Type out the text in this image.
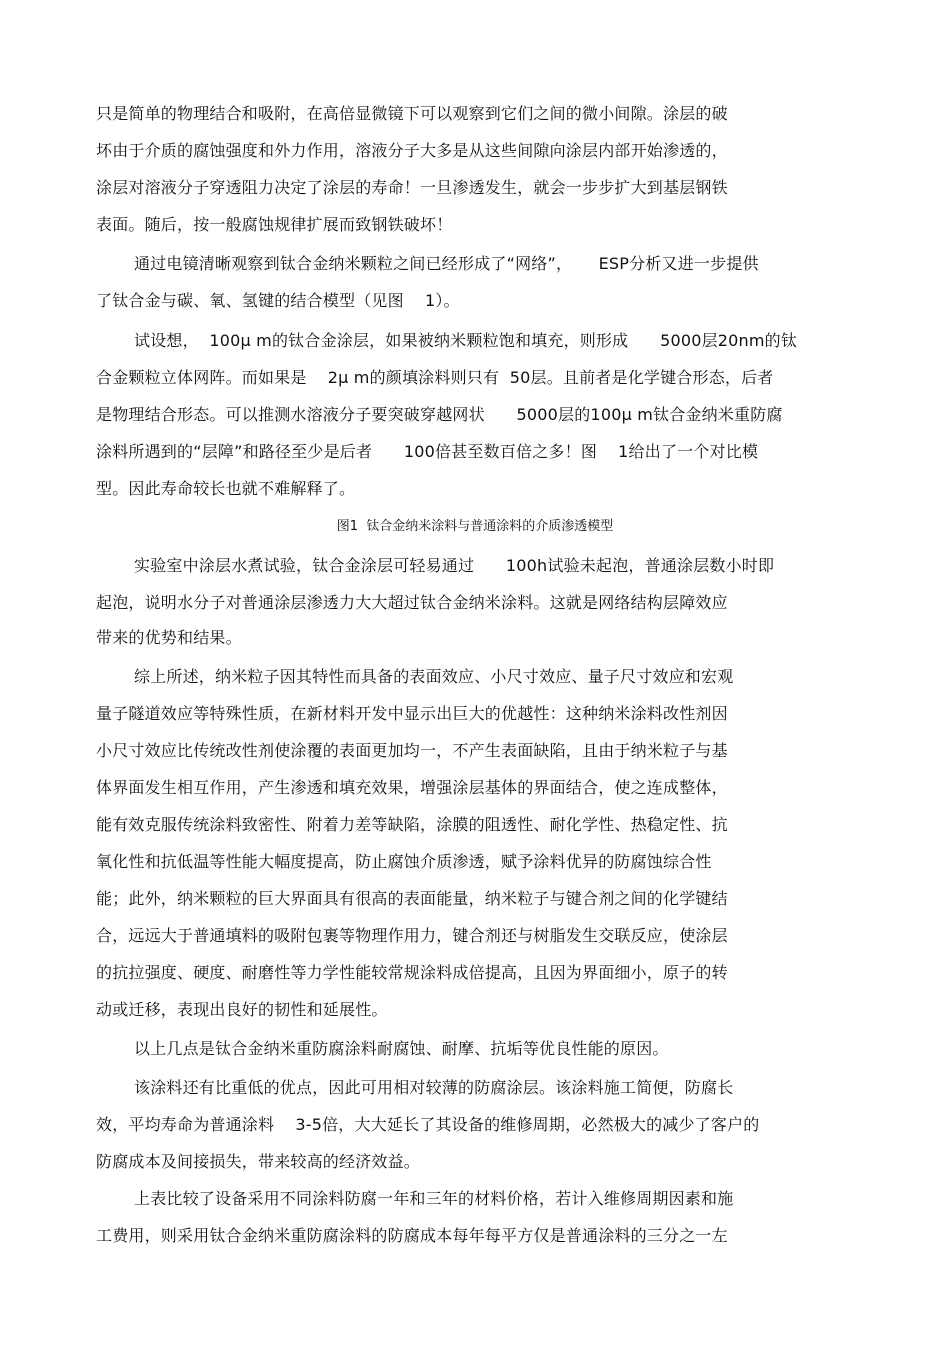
只是简单的物理结合和吸附，在高倍显微镜下可以观察到它们之间的微小间隙。涂层的破
坏由于介质的腐蚀强度和外力作用，溶液分子大多是从这些间隙向涂层内部开始渗透的，
涂层对溶液分子穿透阻力决定了涂层的寿命！一旦渗透发生，就会一步步扩大到基层钢铁
表面。随后，按一般腐蚀规律扩展而致钢铁破坏！
通过电镜清晰观察到钛合金纳米颗粒之间已经形成了“网络”，     ESP分析又进一步提供
了钛合金与碳、氧、氢键的结合模型（见图    1）。
试设想，  100μ m的钛合金涂层，如果被纳米颗粒饱和填充，则形成      5000层20nm的钛
合金颗粒立体网阵。而如果是    2μ m的颜填涂料则只有  50层。且前者是化学键合形态，后者
是物理结合形态。可以推测水溶液分子要突破穿越网状      5000层的100μ m钛合金纳米重防腐
涂料所遇到的“层障”和路径至少是后者      100倍甚至数百倍之多！图    1给出了一个对比模
型。因此寿命较长也就不难解释了。
图1  钛合金纳米涂料与普通涂料的介质渗透模型
实验室中涂层水煮试验，钛合金涂层可轻易通过      100h试验未起泡，普通涂层数小时即
起泡，说明水分子对普通涂层渗透力大大超过钛合金纳米涂料。这就是网络结构层障效应
带来的优势和结果。
综上所述，纳米粒子因其特性而具备的表面效应、小尺寸效应、量子尺寸效应和宏观
量子隧道效应等特殊性质，在新材料开发中显示出巨大的优越性：这种纳米涂料改性剂因
小尺寸效应比传统改性剂使涂覆的表面更加均一，不产生表面缺陷，且由于纳米粒子与基
体界面发生相互作用，产生渗透和填充效果，增强涂层基体的界面结合，使之连成整体，
能有效克服传统涂料致密性、附着力差等缺陷，涂膜的阻透性、耐化学性、热稳定性、抗
氧化性和抗低温等性能大幅度提高，防止腐蚀介质渗透，赋予涂料优异的防腐蚀综合性
能；此外，纳米颗粒的巨大界面具有很高的表面能量，纳米粒子与键合剂之间的化学键结
合，远远大于普通填料的吸附包裹等物理作用力，键合剂还与树脂发生交联反应，使涂层
的抗拉强度、硬度、耐磨性等力学性能较常规涂料成倍提高，且因为界面细小，原子的转
动或迁移，表现出良好的韧性和延展性。
以上几点是钛合金纳米重防腐涂料耐腐蚀、耐摩、抗垢等优良性能的原因。
该涂料还有比重低的优点，因此可用相对较薄的防腐涂层。该涂料施工简便，防腐长
效，平均寿命为普通涂料    3-5倍，大大延长了其设备的维修周期，必然极大的减少了客户的
防腐成本及间接损失，带来较高的经济效益。
上表比较了设备采用不同涂料防腐一年和三年的材料价格，若计入维修周期因素和施
工费用，则采用钛合金纳米重防腐涂料的防腐成本每年每平方仅是普通涂料的三分之一左
